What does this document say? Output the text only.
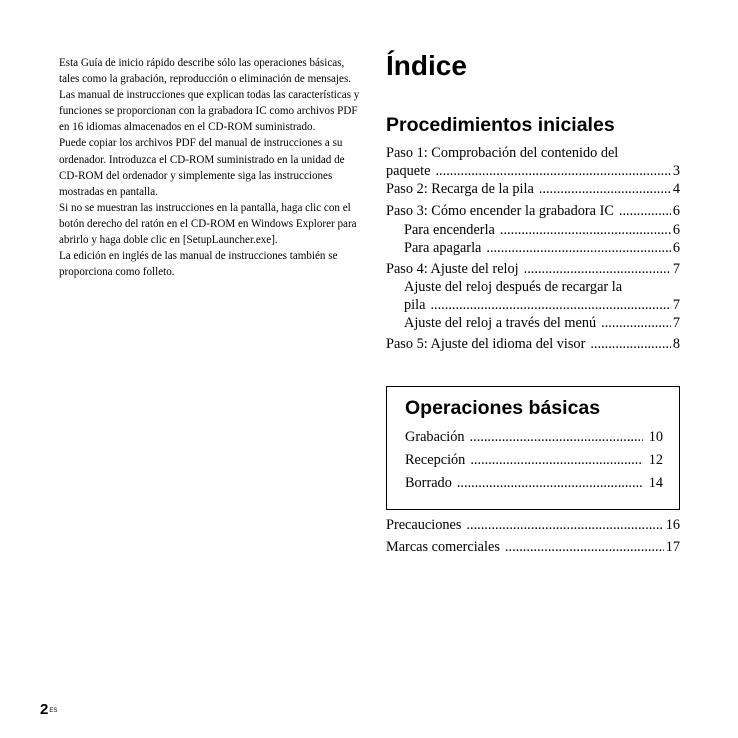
Esta Guía de inicio rápido describe sólo las operaciones básicas, tales como la grabación, reproducción o eliminación de mensajes. Las manual de instrucciones que explican todas las características y funciones se proporcionan con la grabadora IC como archivos PDF en 16 idiomas almacenados en el CD-ROM suministrado.

Puede copiar los archivos PDF del manual de instrucciones a su ordenador. Introduzca el CD-ROM suministrado en la unidad de CD-ROM del ordenador y simplemente siga las instrucciones mostradas en pantalla.

Si no se muestran las instrucciones en la pantalla, haga clic con el botón derecho del ratón en el CD-ROM en Windows Explorer para abrirlo y haga doble clic en [SetupLauncher.exe].

La edición en inglés de las manual de instrucciones también se proporciona como folleto.

Índice
Procedimientos iniciales
Paso 1: Comprobación del contenido del
paquete .....	3
Paso 2: Recarga de la pila .....	4
Paso 3: Cómo encender la grabadora IC .....	6
Para encenderla .....	6
Para apagarla .....	6
Paso 4: Ajuste del reloj .....	7
Ajuste del reloj después de recargar la
pila .....	7
Ajuste del reloj a través del menú .....	7
Paso 5: Ajuste del idioma del visor .....	8
Operaciones básicas
Grabación .....	10
Recepción .....	12
Borrado .....	14
Precauciones .....	16
Marcas comerciales .....	17
$2^{ES}$
